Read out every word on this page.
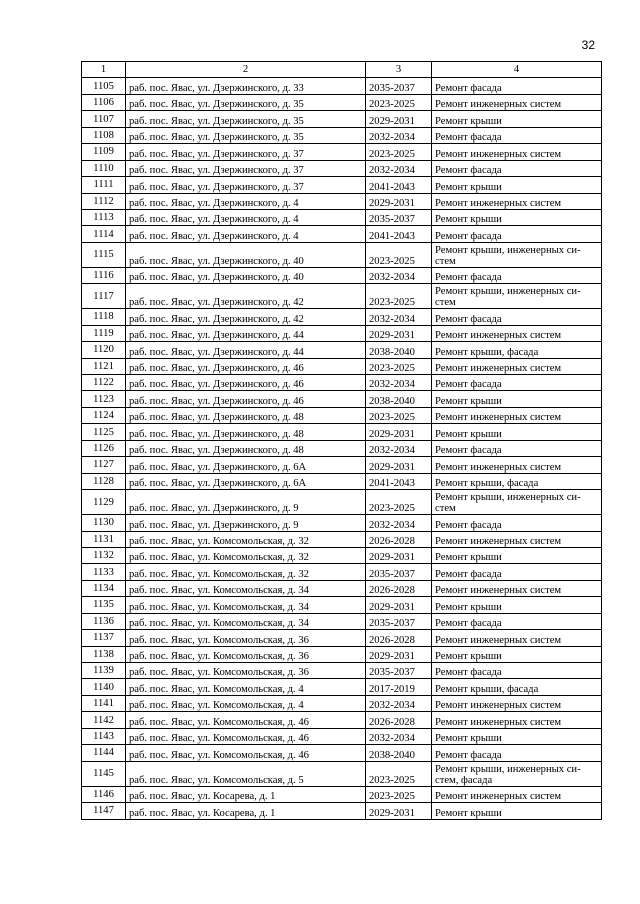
32
1	2	3	4
1105	раб. пос. Явас, ул. Дзержинского, д. 33	2035-2037	Ремонт фасада
1106	раб. пос. Явас, ул. Дзержинского, д. 35	2023-2025	Ремонт инженерных систем
1107	раб. пос. Явас, ул. Дзержинского, д. 35	2029-2031	Ремонт крыши
1108	раб. пос. Явас, ул. Дзержинского, д. 35	2032-2034	Ремонт фасада
1109	раб. пос. Явас, ул. Дзержинского, д. 37	2023-2025	Ремонт инженерных систем
1110	раб. пос. Явас, ул. Дзержинского, д. 37	2032-2034	Ремонт фасада
1111	раб. пос. Явас, ул. Дзержинского, д. 37	2041-2043	Ремонт крыши
1112	раб. пос. Явас, ул. Дзержинского, д. 4	2029-2031	Ремонт инженерных систем
1113	раб. пос. Явас, ул. Дзержинского, д. 4	2035-2037	Ремонт крыши
1114	раб. пос. Явас, ул. Дзержинского, д. 4	2041-2043	Ремонт фасада
1115	раб. пос. Явас, ул. Дзержинского, д. 40	2023-2025	Ремонт крыши, инженерных си-стем
1116	раб. пос. Явас, ул. Дзержинского, д. 40	2032-2034	Ремонт фасада
1117	раб. пос. Явас, ул. Дзержинского, д. 42	2023-2025	Ремонт крыши, инженерных си-стем
1118	раб. пос. Явас, ул. Дзержинского, д. 42	2032-2034	Ремонт фасада
1119	раб. пос. Явас, ул. Дзержинского, д. 44	2029-2031	Ремонт инженерных систем
1120	раб. пос. Явас, ул. Дзержинского, д. 44	2038-2040	Ремонт крыши, фасада
1121	раб. пос. Явас, ул. Дзержинского, д. 46	2023-2025	Ремонт инженерных систем
1122	раб. пос. Явас, ул. Дзержинского, д. 46	2032-2034	Ремонт фасада
1123	раб. пос. Явас, ул. Дзержинского, д. 46	2038-2040	Ремонт крыши
1124	раб. пос. Явас, ул. Дзержинского, д. 48	2023-2025	Ремонт инженерных систем
1125	раб. пос. Явас, ул. Дзержинского, д. 48	2029-2031	Ремонт крыши
1126	раб. пос. Явас, ул. Дзержинского, д. 48	2032-2034	Ремонт фасада
1127	раб. пос. Явас, ул. Дзержинского, д. 6А	2029-2031	Ремонт инженерных систем
1128	раб. пос. Явас, ул. Дзержинского, д. 6А	2041-2043	Ремонт крыши, фасада
1129	раб. пос. Явас, ул. Дзержинского, д. 9	2023-2025	Ремонт крыши, инженерных си-стем
1130	раб. пос. Явас, ул. Дзержинского, д. 9	2032-2034	Ремонт фасада
1131	раб. пос. Явас, ул. Комсомольская, д. 32	2026-2028	Ремонт инженерных систем
1132	раб. пос. Явас, ул. Комсомольская, д. 32	2029-2031	Ремонт крыши
1133	раб. пос. Явас, ул. Комсомольская, д. 32	2035-2037	Ремонт фасада
1134	раб. пос. Явас, ул. Комсомольская, д. 34	2026-2028	Ремонт инженерных систем
1135	раб. пос. Явас, ул. Комсомольская, д. 34	2029-2031	Ремонт крыши
1136	раб. пос. Явас, ул. Комсомольская, д. 34	2035-2037	Ремонт фасада
1137	раб. пос. Явас, ул. Комсомольская, д. 36	2026-2028	Ремонт инженерных систем
1138	раб. пос. Явас, ул. Комсомольская, д. 36	2029-2031	Ремонт крыши
1139	раб. пос. Явас, ул. Комсомольская, д. 36	2035-2037	Ремонт фасада
1140	раб. пос. Явас, ул. Комсомольская, д. 4	2017-2019	Ремонт крыши, фасада
1141	раб. пос. Явас, ул. Комсомольская, д. 4	2032-2034	Ремонт инженерных систем
1142	раб. пос. Явас, ул. Комсомольская, д. 46	2026-2028	Ремонт инженерных систем
1143	раб. пос. Явас, ул. Комсомольская, д. 46	2032-2034	Ремонт крыши
1144	раб. пос. Явас, ул. Комсомольская, д. 46	2038-2040	Ремонт фасада
1145	раб. пос. Явас, ул. Комсомольская, д. 5	2023-2025	Ремонт крыши, инженерных си-стем, фасада
1146	раб. пос. Явас, ул. Косарева, д. 1	2023-2025	Ремонт инженерных систем
1147	раб. пос. Явас, ул. Косарева, д. 1	2029-2031	Ремонт крыши
